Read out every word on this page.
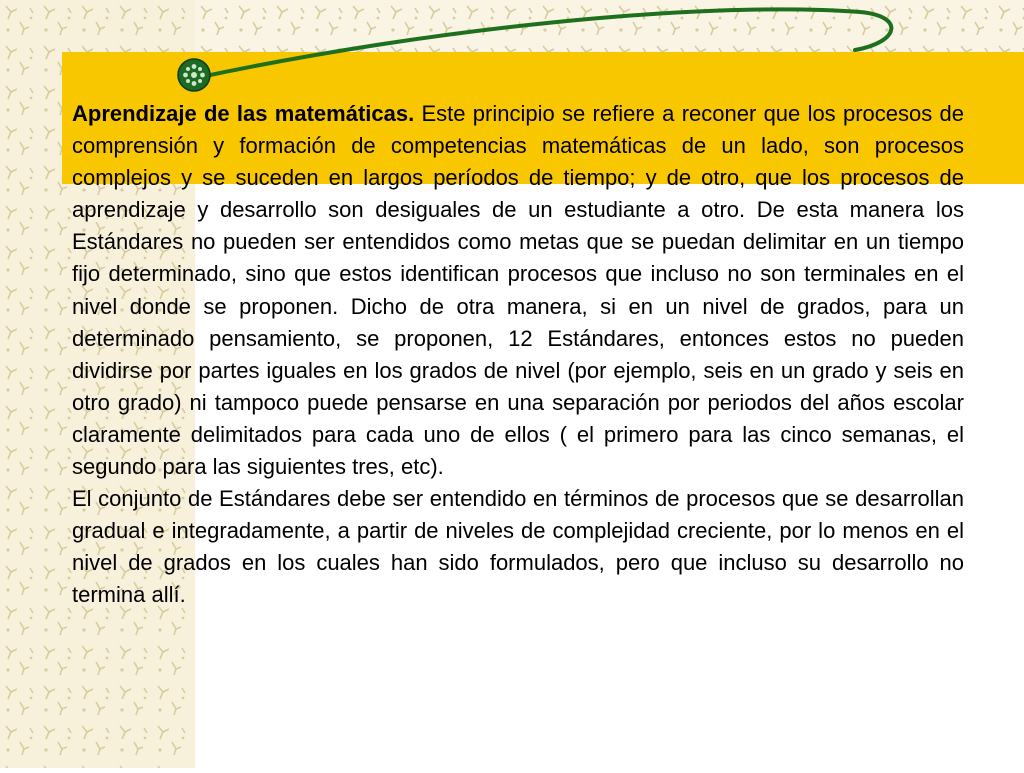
Aprendizaje de las matemáticas. Este principio se refiere a reconer que los procesos de comprensión y formación de competencias matemáticas de un lado, son procesos complejos y se suceden en largos períodos de tiempo; y de otro, que los procesos de aprendizaje y desarrollo son desiguales de un estudiante a otro. De esta manera los Estándares no pueden ser entendidos como metas que se puedan delimitar en un tiempo fijo determinado, sino que estos identifican procesos que incluso no son terminales en el nivel donde se proponen. Dicho de otra manera, si en un nivel de grados, para un determinado pensamiento, se proponen, 12 Estándares, entonces estos no pueden dividirse por partes iguales en los grados de nivel (por ejemplo, seis en un grado y seis en otro grado) ni tampoco puede pensarse en una separación por periodos del años escolar claramente delimitados para cada uno de ellos ( el primero para las cinco semanas, el segundo para las siguientes tres, etc).

El conjunto de Estándares debe ser entendido en términos de procesos que se desarrollan gradual e integradamente, a partir de niveles de complejidad creciente, por lo menos en el nivel de grados en los cuales han sido formulados, pero que incluso su desarrollo no termina allí.
